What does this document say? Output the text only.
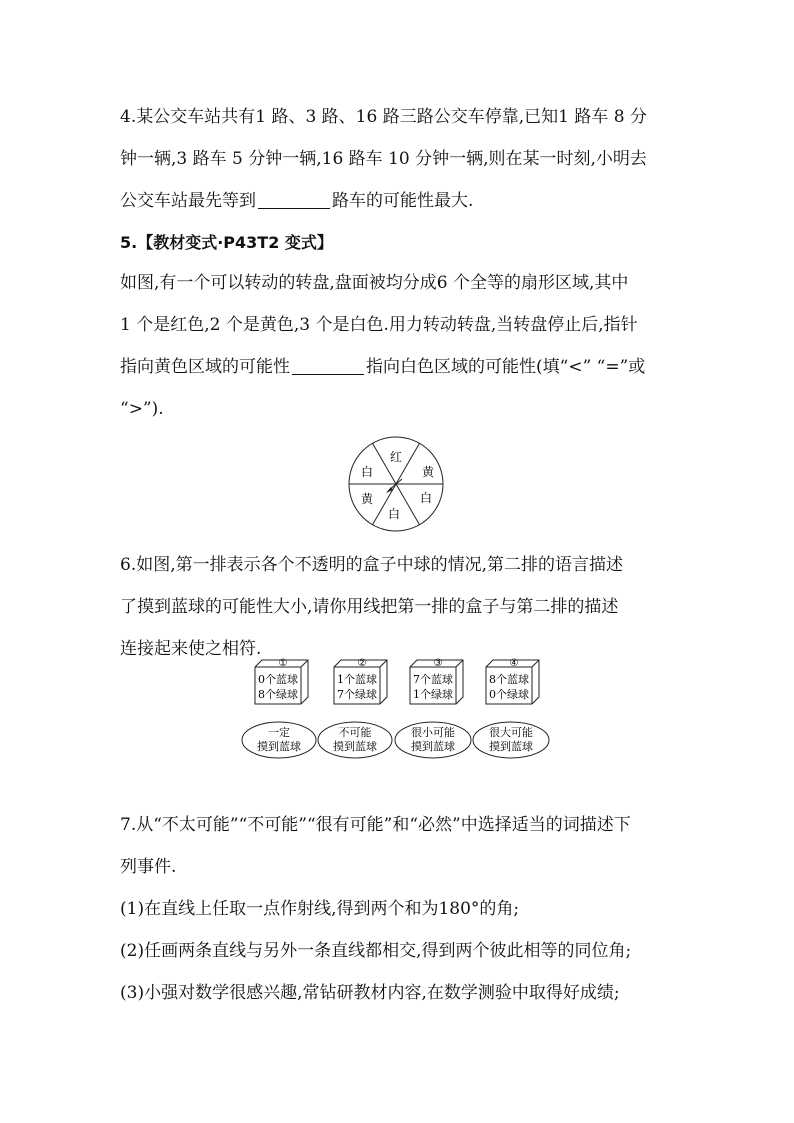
4.某公交车站共有1 路、3 路、16 路三路公交车停靠,已知1 路车 8 分
钟一辆,3 路车 5 分钟一辆,16 路车 10 分钟一辆,则在某一时刻,小明去
公交车站最先等到	路车的可能性最大.
5.【教材变式·P43T2 变式】
如图,有一个可以转动的转盘,盘面被均分成6 个全等的扇形区域,其中
1 个是红色,2 个是黄色,3 个是白色.用力转动转盘,当转盘停止后,指针
指向黄色区域的可能性	指向白色区域的可能性(填“<” “=”或
“>”).
红
黄
白
黄	白
白
6.如图,第一排表示各个不透明的盒子中球的情况,第二排的语言描述
了摸到蓝球的可能性大小,请你用线把第一排的盒子与第二排的描述
连接起来使之相符.
①
0个蓝球
8个绿球
②
1个蓝球
7个绿球
③
7个蓝球
1个绿球
④
8个蓝球
0个绿球
一定
摸到蓝球
不可能
摸到蓝球
很小可能
摸到蓝球
很大可能
摸到蓝球
7.从“不太可能”“不可能”“很有可能”和“必然”中选择适当的词描述下
列事件.
(1)在直线上任取一点作射线,得到两个和为180°的角;
(2)任画两条直线与另外一条直线都相交,得到两个彼此相等的同位角;
(3)小强对数学很感兴趣,常钻研教材内容,在数学测验中取得好成绩;
